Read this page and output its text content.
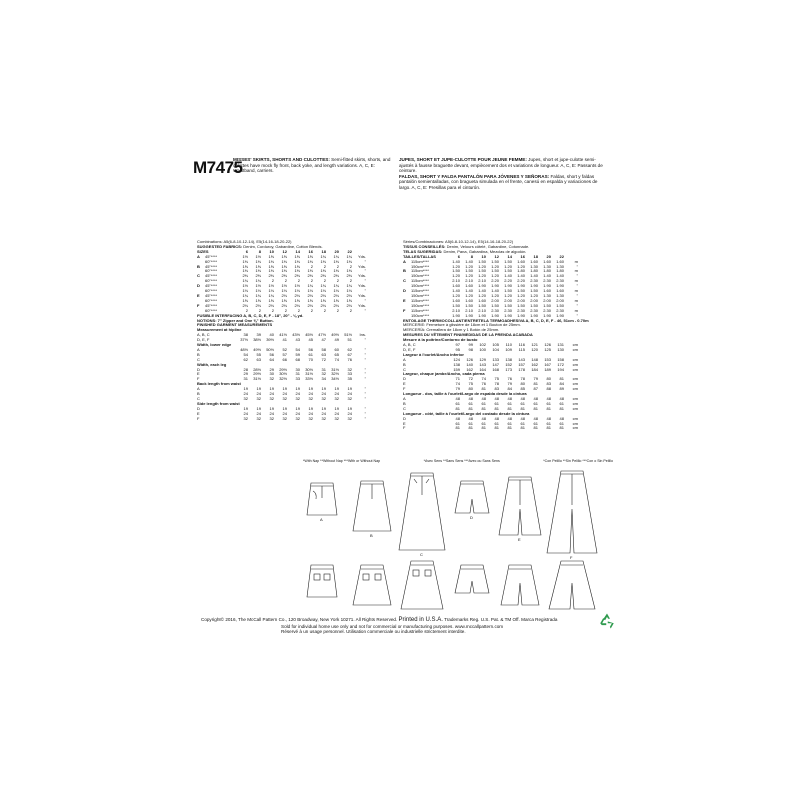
M7475
MISSES' SKIRTS, SHORTS AND CULOTTES: Semi-fitted skirts, shorts, and culottes have mock fly front, back yoke, and length variations. A, C, E: Waistband, carriers.
JUPES, SHORT ET JUPE-CULOTTE POUR JEUNE FEMME: Jupes, short et jupe-culotte semi-ajustés à fausse braguette devant, empiècement dos et variations de longueur. A, C, E: Passants de ceinture.
FALDAS, SHORT Y FALDA PANTALÓN PARA JÓVENES Y SEÑORAS: Faldas, short y faldas pantalón semientalladas, con bragueta simulada en el frente, canesú en espalda y variaciones de largo. A, C, E: Presillas para el cinturón.
Combinations: A5(6-8-10-12-14), E5(14-16-18-20-22)
SUGGESTED FABRICS:
Denim, Corduroy, Gabardine, Cotton Blends.
SIZES	6	8	10	12	14	16	18	20	22
A	45"****	1½	1½	1⅝	1⅝	1⅝	1⅝	1¾	1¾	1¾	Yds.
60"****	1⅜	1⅜	1⅜	1⅜	1⅜	1⅜	1⅜	1⅜	1⅜	"
B	45"****	1⅝	1⅝	1⅝	1⅝	1⅝	2	2	2	2	Yds.
60"****	1⅜	1⅜	1⅜	1⅜	1⅜	1⅜	1⅜	1⅜	1⅜	"
C	45"****	2⅜	2⅜	2⅜	2⅜	2⅜	2⅜	2⅜	2⅜	2⅜	Yds.
60"****	1¾	1¾	2	2	2	2	2	2	2	"
D	45"****	1½	1½	1½	1½	1½	1¾	1¾	1¾	1¾	Yds.
60"****	1⅛	1⅛	1⅛	1⅛	1⅛	1⅛	1⅛	1⅛	1⅛	"
E	45"****	1¾	1¾	1¾	2⅛	2⅛	2⅛	2⅛	2⅛	2⅛	Yds.
60"****	1⅝	1⅝	1⅝	1⅝	1⅝	1⅝	1⅝	1⅝	1⅝	"
F	45"****	2⅛	2⅛	2⅛	2⅛	2⅛	2⅛	2⅛	2⅛	2⅛	Yds.
60"****	2	2	2	2	2	2	2	2	2	"
FUSIBLE INTERFACING A, B, C, D, E, F - 18", 20" - ⅛ yd.
NOTIONS: 7" Zipper and One ⅝" Button.
FINISHED GARMENT MEASUREMENTS
Measurement at hipline
A, B, C	38	39	40	41½	43½	45½	47½	49½	51½	Ins.
D, E, F	37½	38½	39½	41	43	45	47	49	51	"
Width, lower edge
A	48½	49½	50½	52	54	56	58	60	62	"
B	54	55	56	57	59	61	63	65	67	"
C	62	63	64	66	68	70	72	74	76	"
Width, each leg
D	28	28½	29	29½	30	30½	31	31½	32	"
E	29	29½	30	30½	31	31½	32	32½	33	"
F	31	31½	32	32½	33	33½	34	34½	35	"
Back length from waist
A	19	19	19	19	19	19	19	19	19	"
B	24	24	24	24	24	24	24	24	24	"
C	32	32	32	32	32	32	32	32	32	"
Side length from waist
D	19	19	19	19	19	19	19	19	19	"
E	24	24	24	24	24	24	24	24	24	"
F	32	32	32	32	32	32	32	32	32	"
Séries/Combinaciones: A5(6-8-10-12-14), E5(14-16-18-20-22)
TISSUS CONSEILLÉS:
Denim, Velours côtelé, Gabardine, Cotonnade.
TELAS SUGERIDAS:
Denim, Pana, Gabardina, Mezclas de algodón.
TAILLES/TALLAS	6	8	10	12	14	16	18	20	22
A	115cm****	1.40	1.40	1.50	1.50	1.50	1.60	1.60	1.60	1.60	m
150cm****	1.20	1.20	1.20	1.20	1.20	1.20	1.30	1.30	1.30	"
B	115cm****	1.50	1.50	1.50	1.50	1.50	1.80	1.80	1.80	1.80	m
150cm****	1.20	1.20	1.20	1.20	1.40	1.40	1.40	1.40	1.40	"
C	115cm****	2.10	2.10	2.10	2.20	2.20	2.20	2.30	2.30	2.30	m
150cm****	1.60	1.60	1.90	1.90	1.90	1.90	1.90	1.90	1.90	"
D	115cm****	1.40	1.40	1.40	1.40	1.50	1.50	1.50	1.60	1.60	m
150cm****	1.20	1.20	1.20	1.20	1.20	1.20	1.20	1.30	1.30	"
E	115cm****	1.60	1.60	1.60	2.00	2.00	2.00	2.00	2.00	2.00	m
150cm****	1.50	1.50	1.50	1.50	1.50	1.50	1.50	1.50	1.50	"
F	115cm****	2.10	2.10	2.10	2.30	2.30	2.30	2.30	2.30	2.30	m
150cm****	1.90	1.90	1.90	1.90	1.90	1.90	1.90	1.90	1.90	"
ENTOILAGE THERMOCOLLANT/ENTRETELA TERMOADHESIVA A, B, C, D, E, F - 46, 51cm - 0.70m
MERCERIE: Fermeture à glissière de 18cm et 1 Bouton de 25mm.
MERCERÍA: Cremallera de 18cm y 1 Botón de 25mm.
MESURES DU VÊTEMENT FINI/MEDIDAS DE LA PRENDA ACABADA
Mesure à la poitrine/Contorno de busto
A, B, C	97	99	102	105	110	116	121	126	131	cm
D, E, F	95	98	100	104	109	115	120	125	130	cm
Largeur à l'ourlet/Ancho inferior
A	124	126	129	133	138	143	148	153	158	cm
B	138	140	143	147	152	157	162	167	172	cm
C	159	162	164	168	173	178	184	189	194	cm
Largeur, chaque jambe/Ancho, cada pierna
D	71	72	74	75	76	78	79	80	81	cm
E	74	75	76	78	79	80	81	83	84	cm
F	79	80	81	83	84	85	87	88	89	cm
Longueur - dos, taille à l'ourlet/Largo de espalda desde la cintura
A	48	48	48	48	48	48	48	48	48	cm
B	61	61	61	61	61	61	61	61	61	cm
C	81	81	81	81	81	81	81	81	81	cm
Longueur - côté, taille à l'ourlet/Largo del costado desde la cintura
D	48	48	48	48	48	48	48	48	48	cm
E	61	61	61	61	61	61	61	61	61	cm
F	81	81	81	81	81	81	81	81	81	cm
*With Nap **Without Nap ***With or Without Nap	*Avec Sens **Sans Sens ***Avec ou Sans Sens	*Con Pelillo **Sin Pelillo ***Con o Sin Pelillo
A
B
C
D
E
F
Copyright© 2016, The McCall Pattern Co., 120 Broadway, New York 10271. All Rights Reserved. Printed in U.S.A. Trademarks Reg. U.S. Pat. & TM Off. Marca Registrada
Sold for individual home use only and not for commercial or manufacturing purposes. www.mccallpattern.com
Réservé à un usage personnel. Utilisation commerciale ou industrielle strictement interdite.
